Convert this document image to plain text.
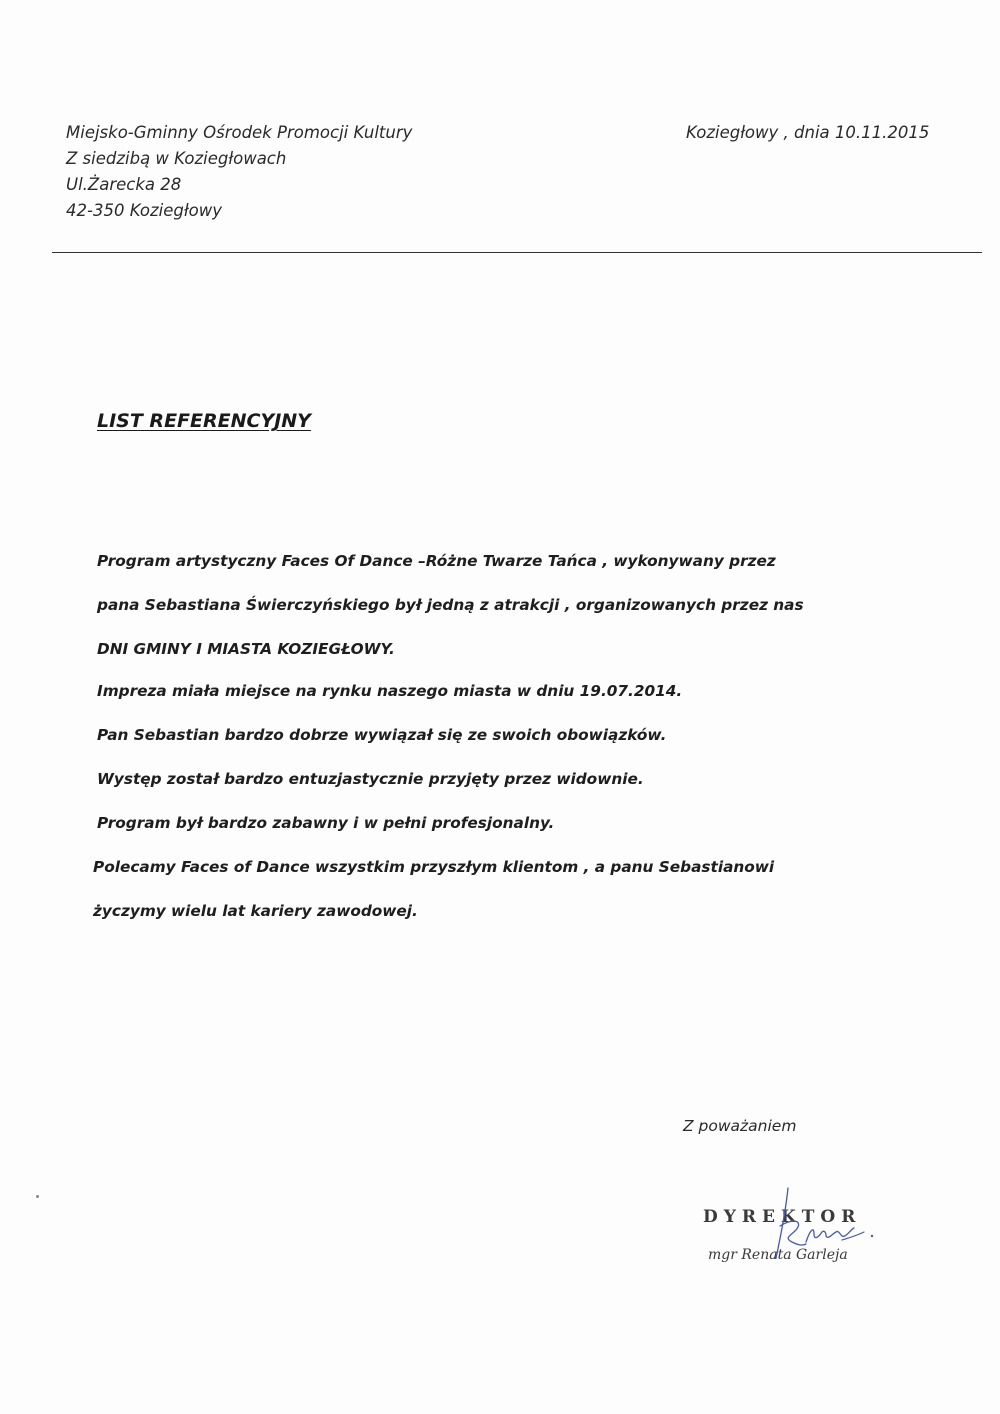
Miejsko-Gminny Ośrodek Promocji Kultury
Z siedzibą w Koziegłowach
Ul.Żarecka 28
42-350 Koziegłowy
Koziegłowy , dnia 10.11.2015
LIST REFERENCYJNY
Program artystyczny Faces Of Dance –Różne Twarze Tańca , wykonywany przez
pana Sebastiana Świerczyńskiego był jedną z atrakcji , organizowanych przez nas
DNI GMINY I MIASTA KOZIEGŁOWY.
Impreza miała miejsce na rynku naszego miasta w dniu 19.07.2014.
Pan Sebastian bardzo dobrze wywiązał się ze swoich obowiązków.
Występ został bardzo entuzjastycznie przyjęty przez widownie.
Program był bardzo zabawny i w pełni profesjonalny.
Polecamy Faces of Dance wszystkim przyszłym klientom , a panu Sebastianowi
życzymy wielu lat kariery zawodowej.
Z poważaniem
DYREKTOR
mgr Renata Garleja
